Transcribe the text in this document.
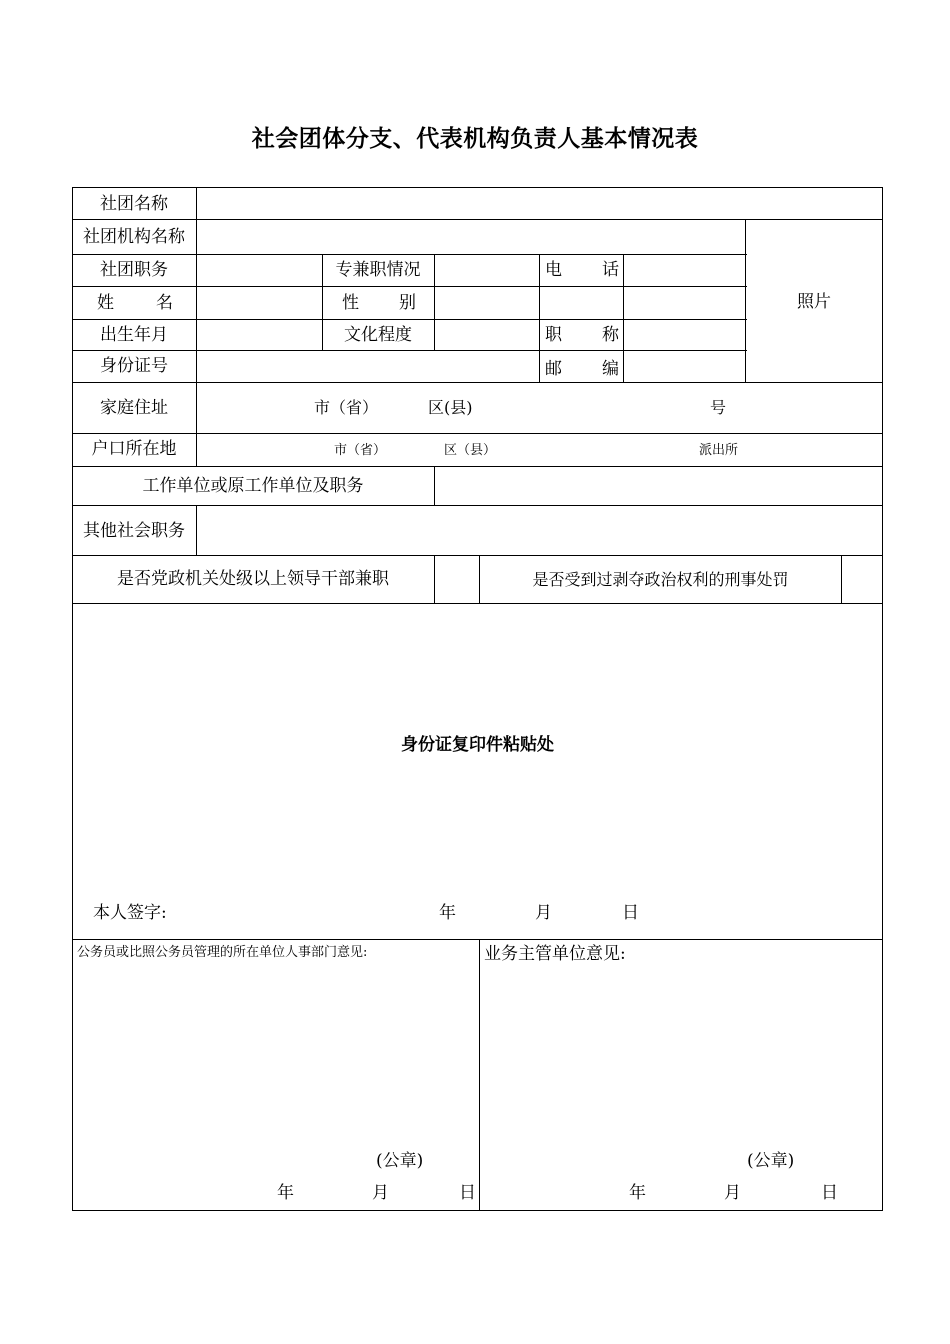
社会团体分支、代表机构负责人基本情况表
社团名称
社团机构名称
照片
社团职务	专兼职情况	电 话
姓 名	性 别
出生年月	文化程度	职 称
身份证号	邮 编
家庭住址	市（省）	区(县)	号
户口所在地	市（省）	区（县）	派出所
工作单位或原工作单位及职务
其他社会职务
是否党政机关处级以上领导干部兼职	是否受到过剥夺政治权利的刑事处罚
身份证复印件粘贴处
本人签字:	年	月	日
公务员或比照公务员管理的所在单位人事部门意见:	业务主管单位意见:
(公章)	(公章)
年	月	日	年	月	日
